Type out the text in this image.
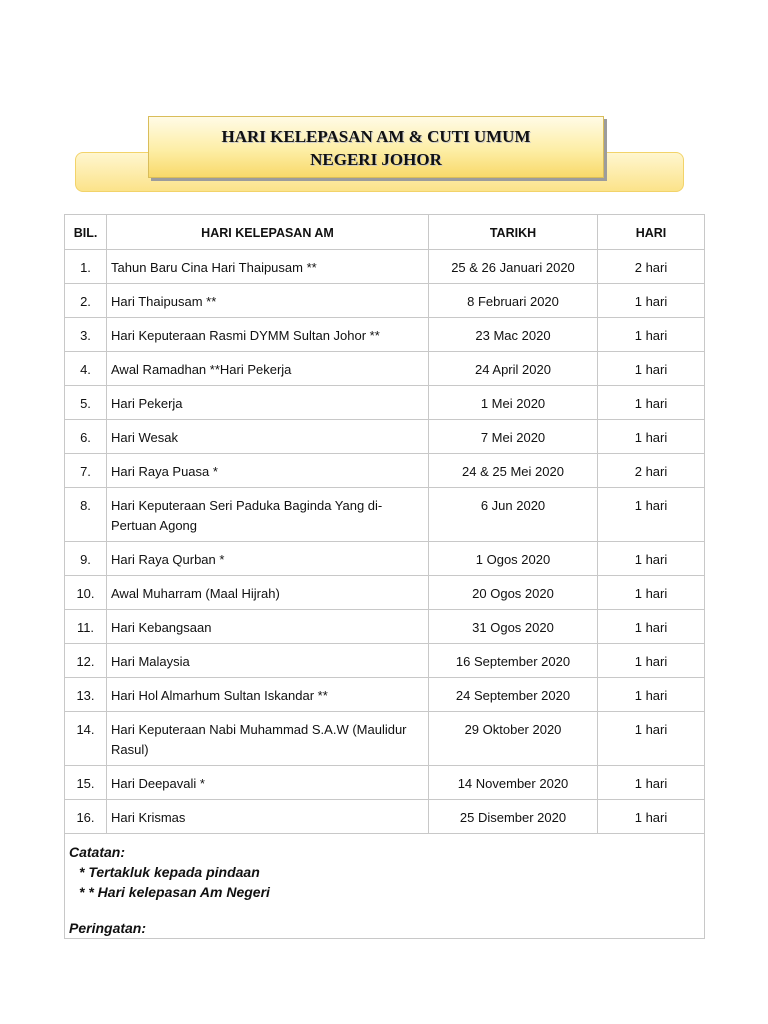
HARI KELEPASAN AM & CUTI UMUM
NEGERI JOHOR
BIL.	HARI KELEPASAN AM	TARIKH	HARI
1.	Tahun Baru Cina Hari Thaipusam **	25 & 26 Januari 2020	2 hari
2.	Hari Thaipusam **	8 Februari 2020	1 hari
3.	Hari Keputeraan Rasmi DYMM Sultan Johor **	23 Mac 2020	1 hari
4.	Awal Ramadhan **Hari Pekerja	24 April 2020	1 hari
5.	Hari Pekerja	1 Mei 2020	1 hari
6.	Hari Wesak	7 Mei 2020	1 hari
7.	Hari Raya Puasa *	24 & 25 Mei 2020	2 hari
8.	Hari Keputeraan Seri Paduka Baginda Yang di-Pertuan Agong	6 Jun 2020	1 hari
9.	Hari Raya Qurban *	1 Ogos 2020	1 hari
10.	Awal Muharram (Maal Hijrah)	20 Ogos 2020	1 hari
11.	Hari Kebangsaan	31 Ogos 2020	1 hari
12.	Hari Malaysia	16 September 2020	1 hari
13.	Hari Hol Almarhum Sultan Iskandar **	24 September 2020	1 hari
14.	Hari Keputeraan Nabi Muhammad S.A.W (Maulidur Rasul)	29 Oktober 2020	1 hari
15.	Hari Deepavali *	14 November 2020	1 hari
16.	Hari Krismas	25 Disember 2020	1 hari

Catatan:
* Tertakluk kepada pindaan
* * Hari kelepasan Am Negeri
Peringatan:			
